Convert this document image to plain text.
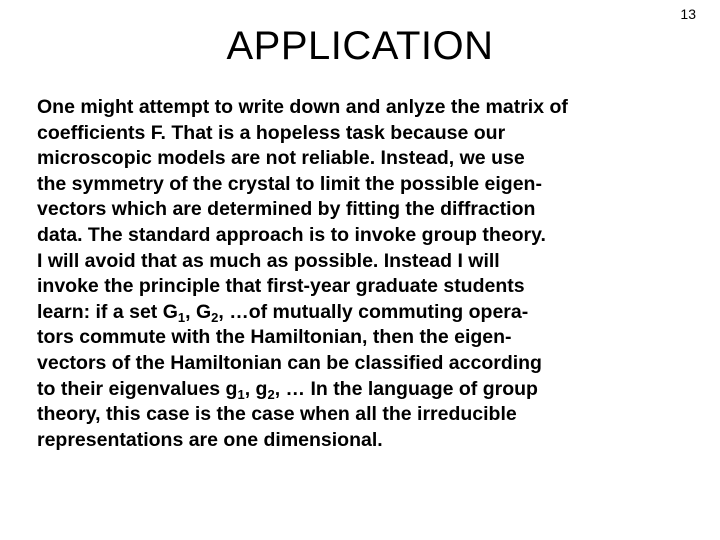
13
APPLICATION
One might attempt to write down and anlyze the matrix of
coefficients F. That is a hopeless task because our
microscopic models are not reliable. Instead, we use
the symmetry of the crystal to limit the possible eigen-
vectors which are determined by fitting the diffraction
data. The standard approach is to invoke group theory.
I will avoid that as much as possible. Instead I will
invoke the principle that first-year graduate students
learn: if a set $G_1$, $G_2$, …of mutually commuting opera-
tors commute with the Hamiltonian, then the eigen-
vectors of the Hamiltonian can be classified according
to their eigenvalues $g_1$, $g_2$, … In the language of group
theory, this case is the case when all the irreducible
representations are one dimensional.
